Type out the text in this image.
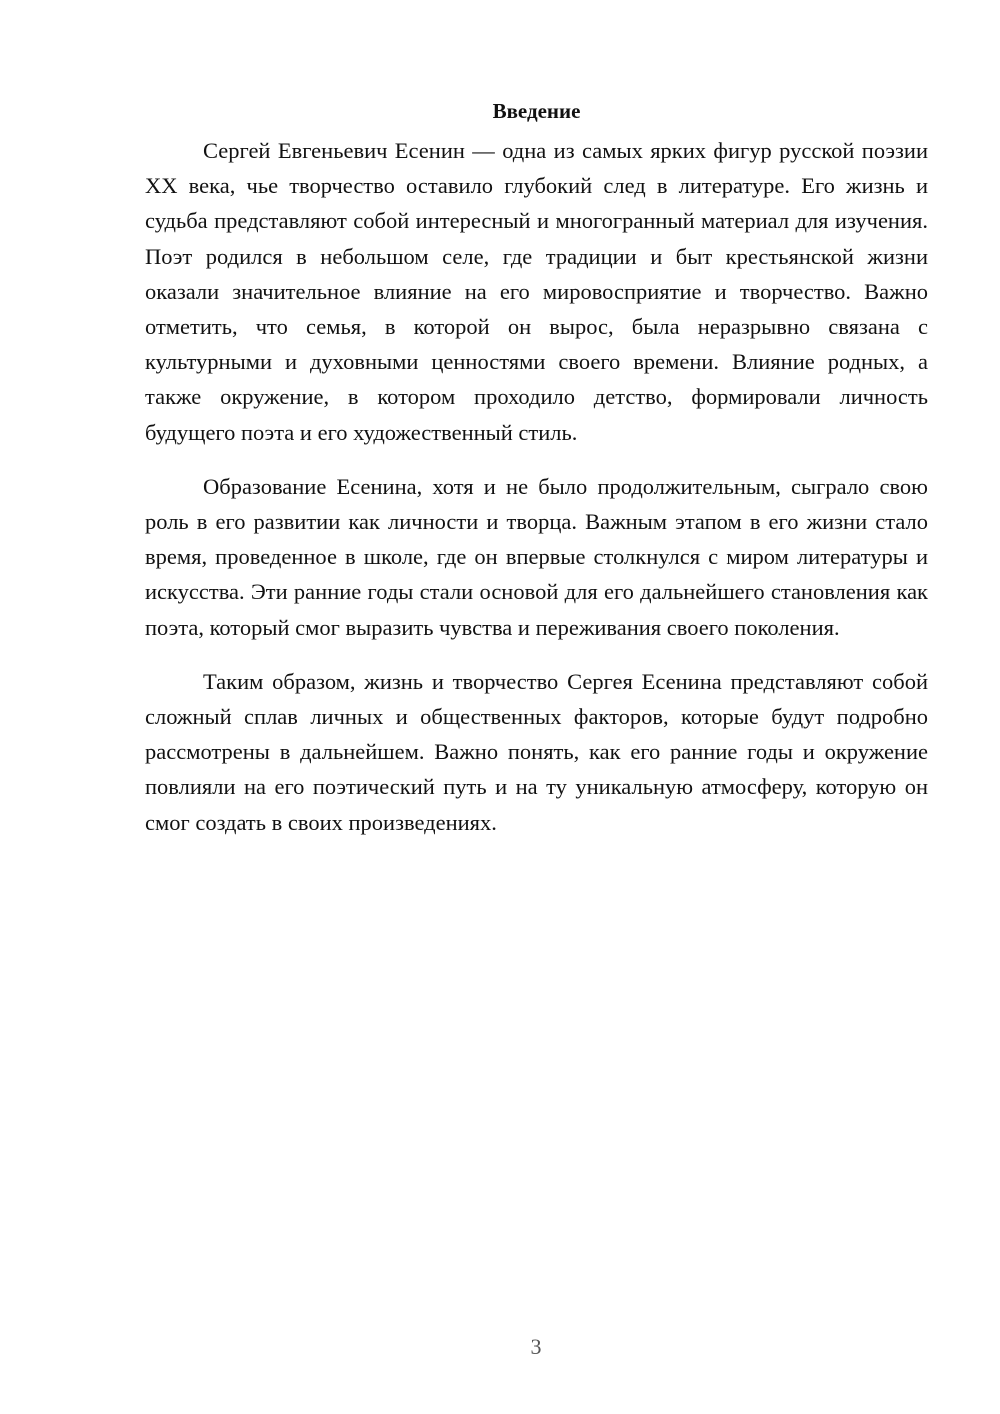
Введение

Сергей Евгеньевич Есенин — одна из самых ярких фигур русской поэзии XX века, чье творчество оставило глубокий след в литературе. Его жизнь и судьба представляют собой интересный и многогранный материал для изучения. Поэт родился в небольшом селе, где традиции и быт крестьянской жизни оказали значительное влияние на его мировосприятие и творчество. Важно отметить, что семья, в которой он вырос, была неразрывно связана с культурными и духовными ценностями своего времени. Влияние родных, а также окружение, в котором проходило детство, формировали личность будущего поэта и его художественный стиль.

Образование Есенина, хотя и не было продолжительным, сыграло свою роль в его развитии как личности и творца. Важным этапом в его жизни стало время, проведенное в школе, где он впервые столкнулся с миром литературы и искусства. Эти ранние годы стали основой для его дальнейшего становления как поэта, который смог выразить чувства и переживания своего поколения.

Таким образом, жизнь и творчество Сергея Есенина представляют собой сложный сплав личных и общественных факторов, которые будут подробно рассмотрены в дальнейшем. Важно понять, как его ранние годы и окружение повлияли на его поэтический путь и на ту уникальную атмосферу, которую он смог создать в своих произведениях.

3
